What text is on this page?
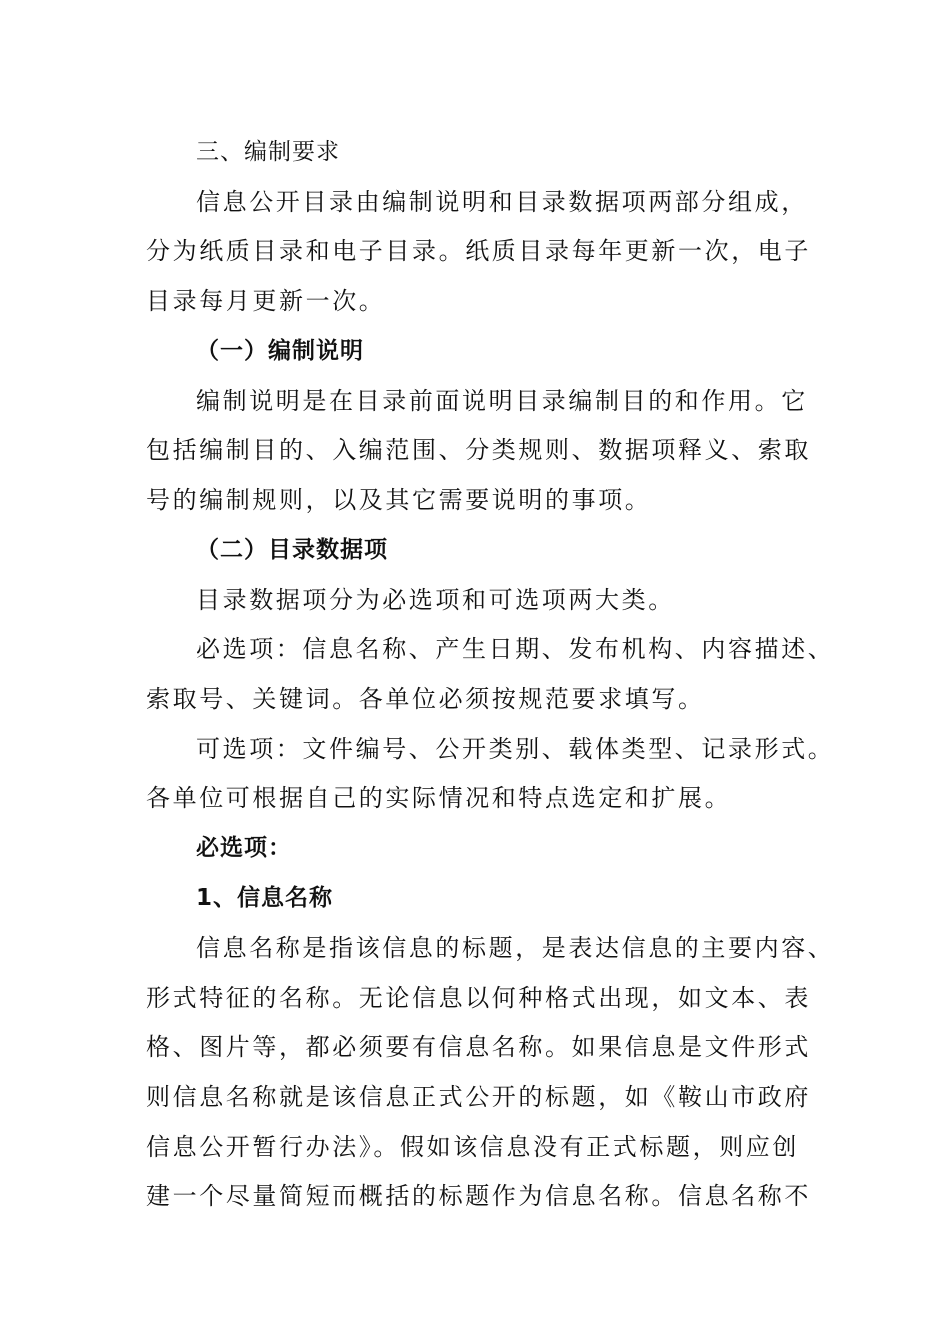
三、编制要求
信息公开目录由编制说明和目录数据项两部分组成，
分为纸质目录和电子目录。纸质目录每年更新一次，电子
目录每月更新一次。
（一）编制说明
编制说明是在目录前面说明目录编制目的和作用。它
包括编制目的、入编范围、分类规则、数据项释义、索取
号的编制规则，以及其它需要说明的事项。
（二）目录数据项
目录数据项分为必选项和可选项两大类。
必选项：信息名称、产生日期、发布机构、内容描述、
索取号、关键词。各单位必须按规范要求填写。
可选项：文件编号、公开类别、载体类型、记录形式。
各单位可根据自己的实际情况和特点选定和扩展。
必选项：
1、信息名称
信息名称是指该信息的标题，是表达信息的主要内容、
形式特征的名称。无论信息以何种格式出现，如文本、表
格、图片等，都必须要有信息名称。如果信息是文件形式
则信息名称就是该信息正式公开的标题，如《鞍山市政府
信息公开暂行办法》。假如该信息没有正式标题，则应创
建一个尽量简短而概括的标题作为信息名称。信息名称不
